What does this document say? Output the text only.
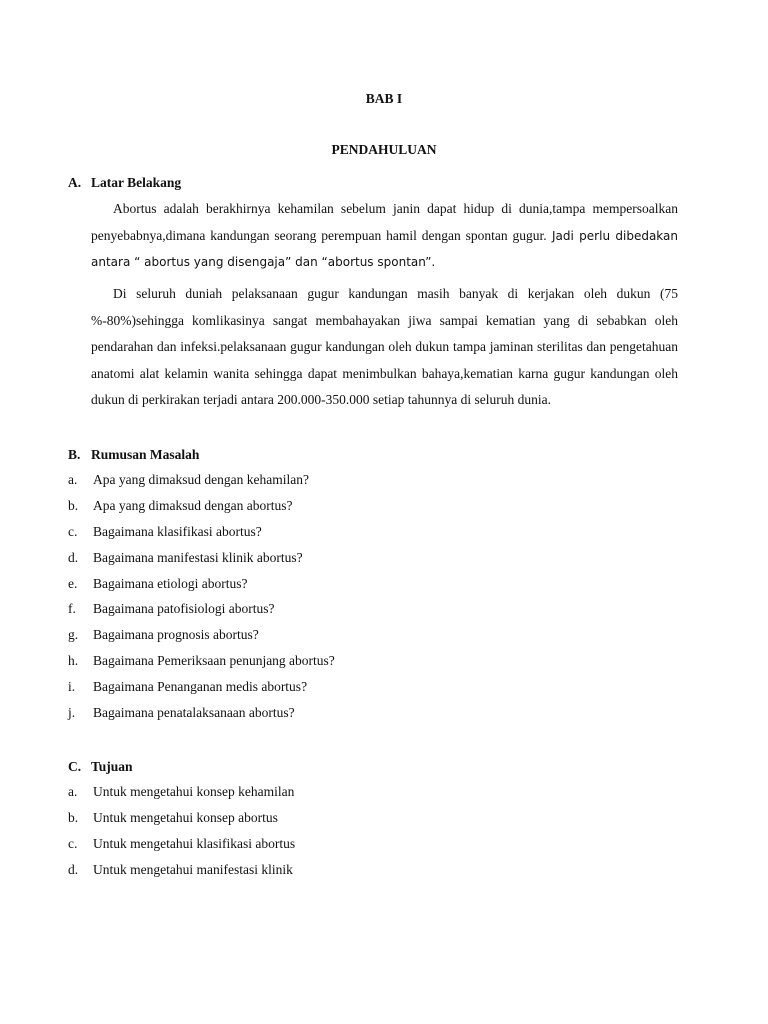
BAB I
PENDAHULUAN
A. Latar Belakang

Abortus adalah berakhirnya kehamilan sebelum janin dapat hidup di dunia,tampa mempersoalkan penyebabnya,dimana kandungan seorang perempuan hamil dengan spontan gugur. Jadi perlu dibedakan antara “ abortus yang disengaja” dan “abortus spontan”.

Di seluruh duniah pelaksanaan gugur kandungan masih banyak di kerjakan oleh dukun (75 %-80%)sehingga komlikasinya sangat membahayakan jiwa sampai kematian yang di sebabkan oleh pendarahan dan infeksi.pelaksanaan gugur kandungan oleh dukun tampa jaminan sterilitas dan pengetahuan anatomi alat kelamin wanita sehingga dapat menimbulkan bahaya,kematian karna gugur kandungan oleh dukun di perkirakan terjadi antara 200.000-350.000 setiap tahunnya di seluruh dunia.

B. Rumusan Masalah
a. Apa yang dimaksud dengan kehamilan?
b. Apa yang dimaksud dengan abortus?
c. Bagaimana klasifikasi abortus?
d. Bagaimana manifestasi klinik abortus?
e. Bagaimana etiologi abortus?
f. Bagaimana patofisiologi abortus?
g. Bagaimana prognosis abortus?
h. Bagaimana Pemeriksaan penunjang abortus?
i. Bagaimana Penanganan medis abortus?
j. Bagaimana penatalaksanaan abortus?
C. Tujuan
a. Untuk mengetahui konsep kehamilan
b. Untuk mengetahui konsep abortus
c. Untuk mengetahui klasifikasi abortus
d. Untuk mengetahui manifestasi klinik
